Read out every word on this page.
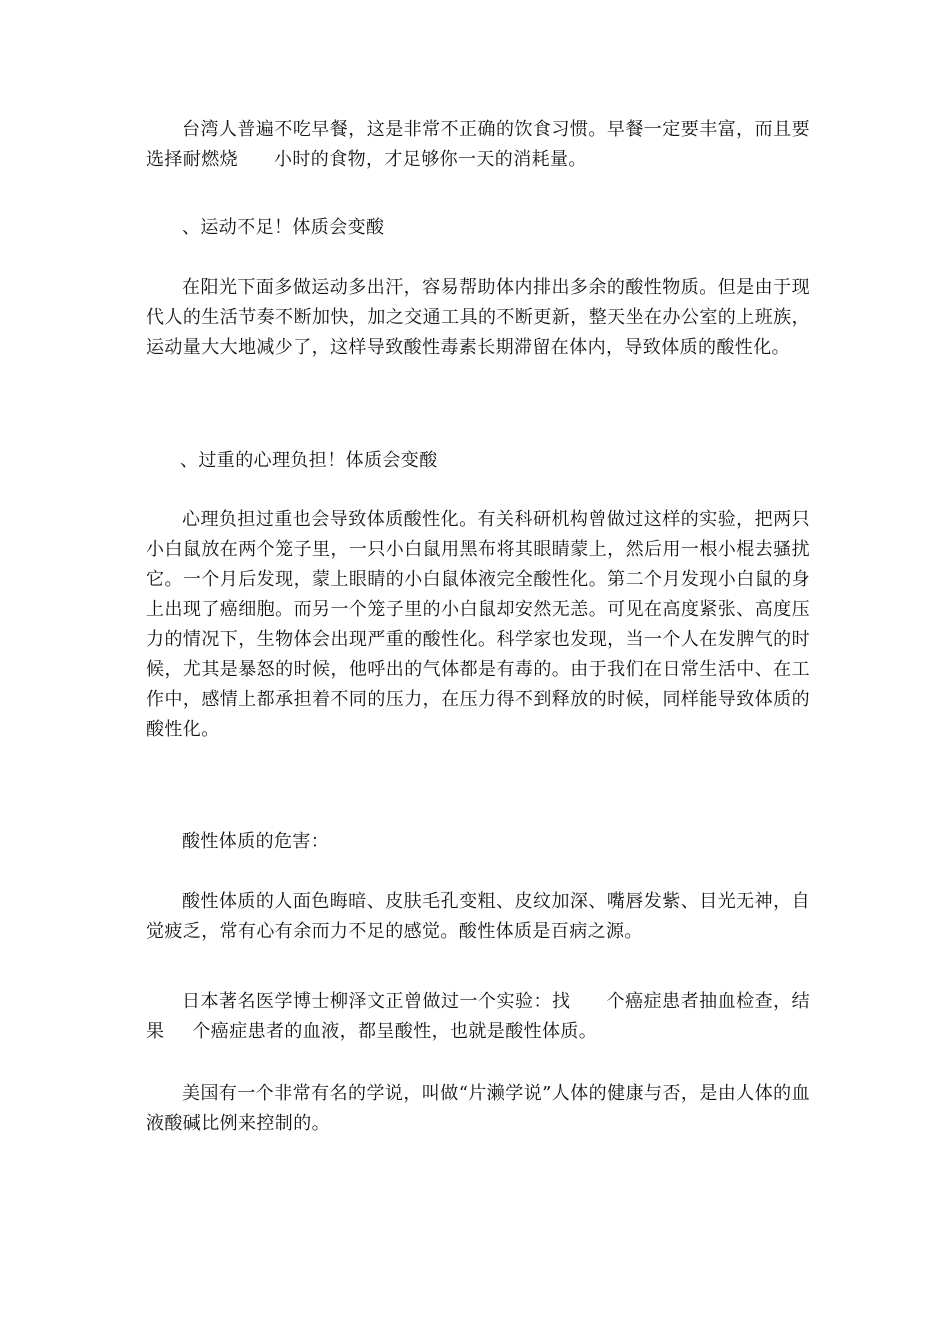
台湾人普遍不吃早餐，这是非常不正确的饮食习惯。早餐一定要丰富，而且要选择耐燃烧 小时的食物，才足够你一天的消耗量。

、运动不足！体质会变酸

在阳光下面多做运动多出汗，容易帮助体内排出多余的酸性物质。但是由于现代人的生活节奏不断加快，加之交通工具的不断更新，整天坐在办公室的上班族，运动量大大地减少了，这样导致酸性毒素长期滞留在体内，导致体质的酸性化。

、过重的心理负担！体质会变酸

心理负担过重也会导致体质酸性化。有关科研机构曾做过这样的实验，把两只小白鼠放在两个笼子里，一只小白鼠用黑布将其眼睛蒙上，然后用一根小棍去骚扰它。一个月后发现，蒙上眼睛的小白鼠体液完全酸性化。第二个月发现小白鼠的身上出现了癌细胞。而另一个笼子里的小白鼠却安然无恙。可见在高度紧张、高度压力的情况下，生物体会出现严重的酸性化。科学家也发现，当一个人在发脾气的时候，尤其是暴怒的时候，他呼出的气体都是有毒的。由于我们在日常生活中、在工作中，感情上都承担着不同的压力，在压力得不到释放的时候，同样能导致体质的酸性化。

酸性体质的危害：

酸性体质的人面色晦暗、皮肤毛孔变粗、皮纹加深、嘴唇发紫、目光无神，自觉疲乏，常有心有余而力不足的感觉。酸性体质是百病之源。

日本著名医学博士柳泽文正曾做过一个实验：找 个癌症患者抽血检查，结果 个癌症患者的血液，都呈酸性，也就是酸性体质。

美国有一个非常有名的学说，叫做“片濑学说”人体的健康与否，是由人体的血液酸碱比例来控制的。
